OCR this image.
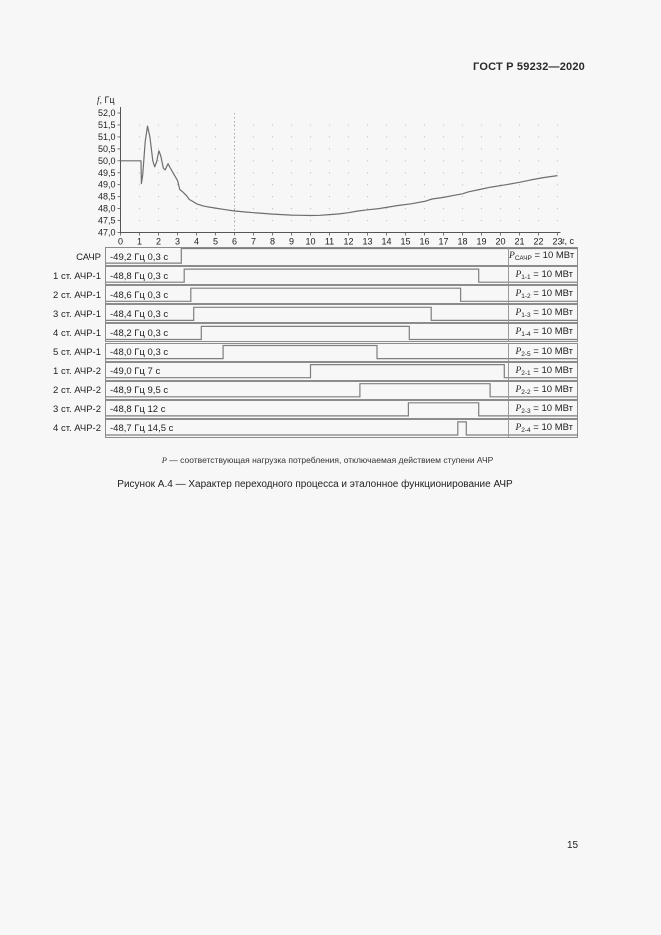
52,0
51,5
51,0
50,5
50,0
49,5
49,0
48,5
48,0
47,5
47,0
0 1 2 3 4 5 6 7 8 9 10 11 12 13 14 15 16 17 18 19 20 21 22 23
ГОСТ Р 59232—2020
f, Гц
t, с
САЧР -49,2 Гц 0,3 с	$P_{САЧР} = 10$ МВт
1 ст. АЧР-1 -48,8 Гц 0,3 с	$P_{1-1} = 10$ МВт
2 ст. АЧР-1 -48,6 Гц 0,3 с	$P_{1-2} = 10$ МВт
3 ст. АЧР-1 -48,4 Гц 0,3 с	$P_{1-3} = 10$ МВт
4 ст. АЧР-1 -48,2 Гц 0,3 с	$P_{1-4} = 10$ МВт
5 ст. АЧР-1 -48,0 Гц 0,3 с	$P_{2-5} = 10$ МВт
1 ст. АЧР-2 -49,0 Гц 7 с	$P_{2-1} = 10$ МВт
2 ст. АЧР-2 -48,9 Гц 9,5 с	$P_{2-2} = 10$ МВт
3 ст. АЧР-2 -48,8 Гц 12 с	$P_{2-3} = 10$ МВт
4 ст. АЧР-2 -48,7 Гц 14,5 с	$P_{2-4} = 10$ МВт
P — соответствующая нагрузка потребления, отключаемая действием ступени АЧР
Рисунок А.4 — Характер переходного процесса и эталонное функционирование АЧР
15
